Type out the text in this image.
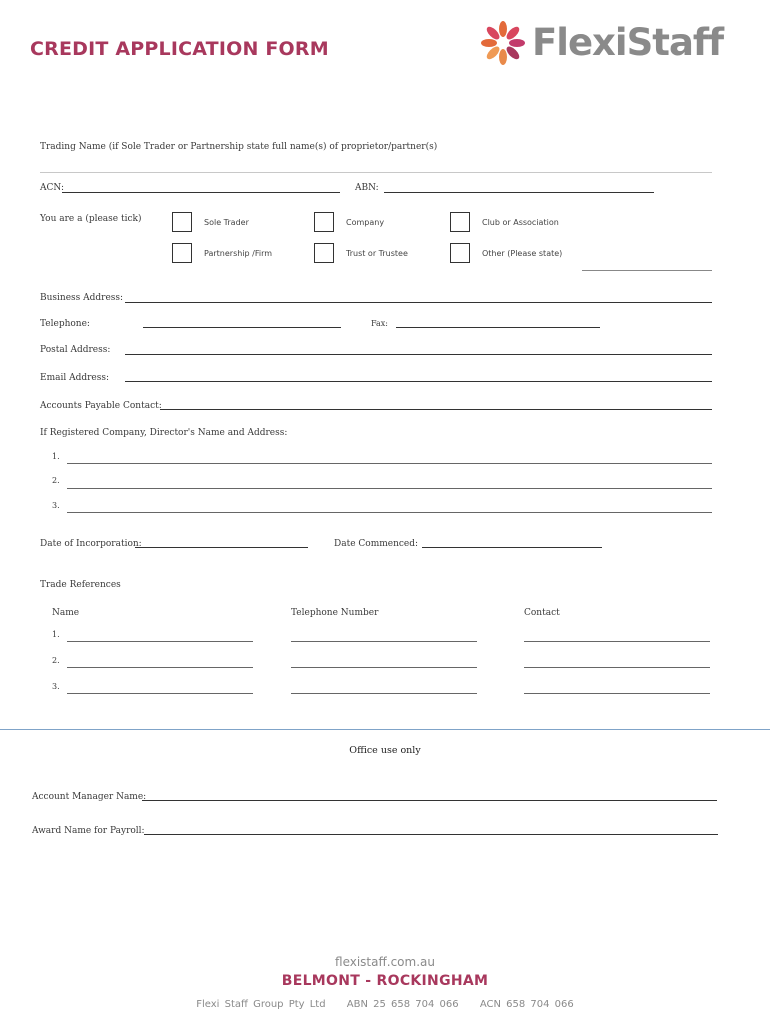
CREDIT APPLICATION FORM	FlexiStaff
Trading Name (if Sole Trader or Partnership state full name(s) of proprietor/partner(s)
ACN:	ABN:
You are a (please tick)	Sole Trader	Company	Club or Association
Partnership /Firm	Trust or Trustee	Other (Please state)
Business Address:
Telephone:	Fax:
Postal Address:
Email Address:
Accounts Payable Contact:
If Registered Company, Director's Name and Address:
1.
2.
3.
Date of Incorporation:	Date Commenced:
Trade References
Name	Telephone Number	Contact
1.
2.
3.
Office use only
Account Manager Name:
Award Name for Payroll:
flexistaff.com.au
BELMONT - ROCKINGHAM
Flexi Staff Group Pty Ltd ABN 25 658 704 066 ACN 658 704 066
